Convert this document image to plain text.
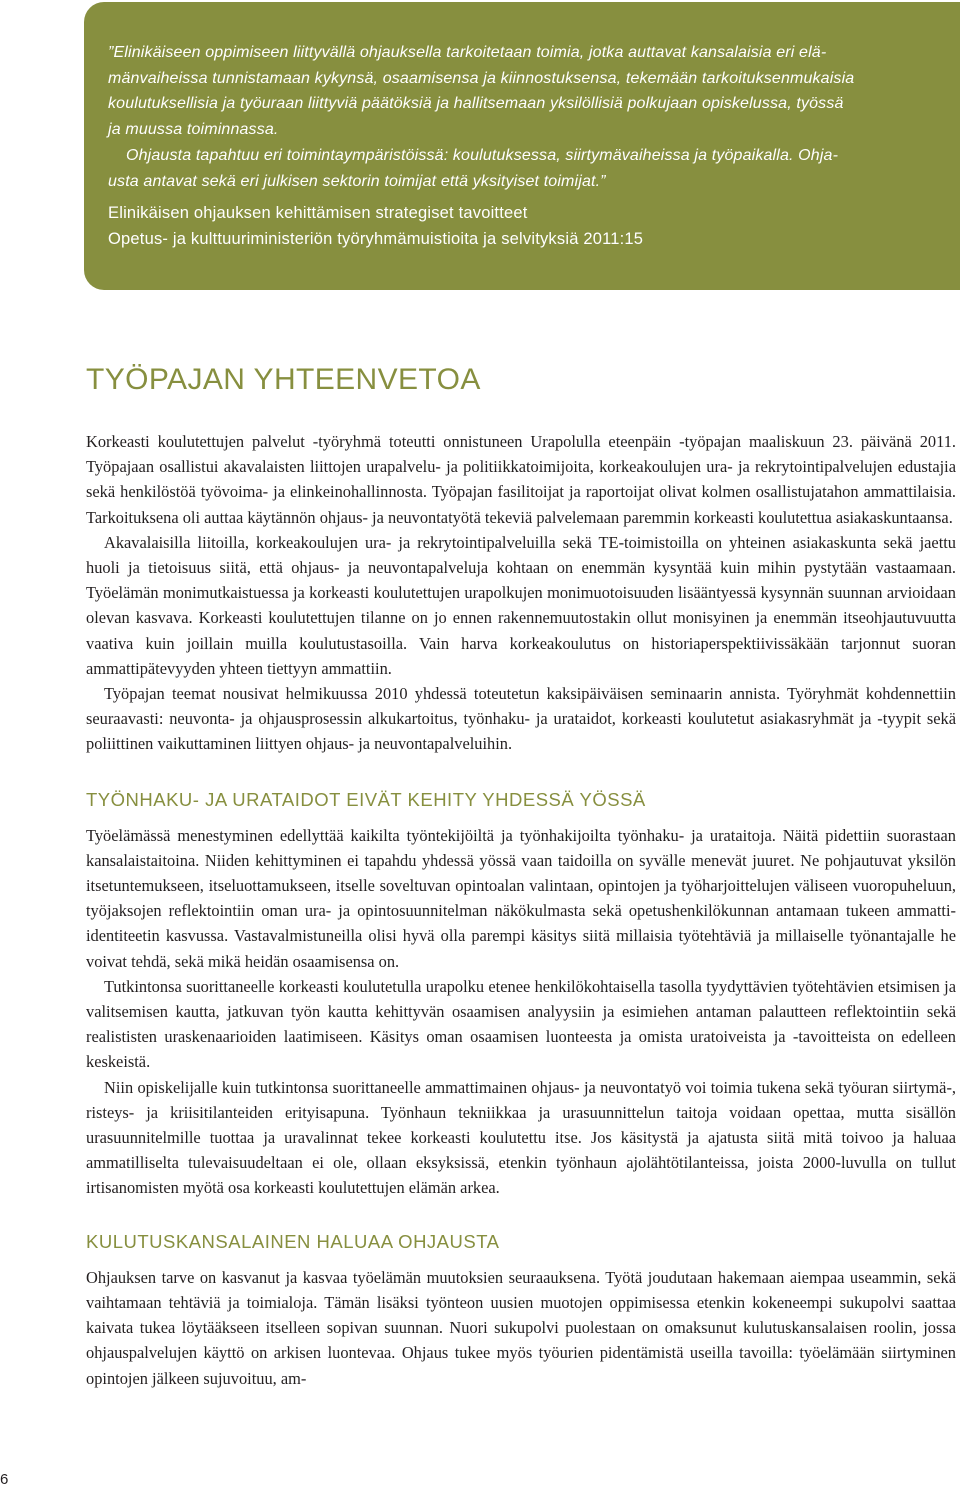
”Elinikäiseen oppimiseen liittyvällä ohjauksella tarkoitetaan toimia, jotka auttavat kansalaisia eri elä-
mänvaiheissa tunnistamaan kykynsä, osaamisensa ja kiinnostuksensa, tekemään tarkoituksenmukaisia
koulutuksellisia ja työuraan liittyviä päätöksiä ja hallitsemaan yksilöllisiä polkujaan opiskelussa, työssä
ja muussa toiminnassa.
Ohjausta tapahtuu eri toimintaympäristöissä: koulutuksessa, siirtymävaiheissa ja työpaikalla. Ohja-
usta antavat sekä eri julkisen sektorin toimijat että yksityiset toimijat.”

Elinikäisen ohjauksen kehittämisen strategiset tavoitteet

Opetus- ja kulttuuriministeriön työryhmämuistioita ja selvityksiä 2011:15

TYÖPAJAN YHTEENVETOA

Korkeasti koulutettujen palvelut -työryhmä toteutti onnistuneen Urapolulla eteenpäin -työpajan maaliskuun 23. päivänä 2011. Työpajaan osallistui akavalaisten liittojen urapalvelu- ja politiikkatoimijoita, korkeakoulujen ura- ja rekrytointipalvelujen edustajia sekä henkilöstöä työvoima- ja elinkeinohallinnosta. Työpajan fasilitoijat ja raportoijat olivat kolmen osallistujatahon ammattilaisia. Tarkoituksena oli auttaa käytännön ohjaus- ja neuvontatyötä tekeviä palvelemaan paremmin korkeasti koulutettua asiakaskuntaansa.

Akavalaisilla liitoilla, korkeakoulujen ura- ja rekrytointipalveluilla sekä TE-toimistoilla on yhteinen asiakaskunta sekä jaettu huoli ja tietoisuus siitä, että ohjaus- ja neuvontapalveluja kohtaan on enemmän kysyntää kuin mihin pystytään vastaamaan. Työelämän monimutkaistuessa ja korkeasti koulutettujen urapolkujen monimuotoisuuden lisääntyessä kysynnän suunnan arvioidaan olevan kasvava. Korkeasti koulutettujen tilanne on jo ennen rakennemuutostakin ollut monisyinen ja enemmän itseohjautuvuutta vaativa kuin joillain muilla koulutustasoilla. Vain harva korkeakoulutus on historiaperspektiivissäkään tarjonnut suoran ammattipätevyyden yhteen tiettyyn ammattiin.

Työpajan teemat nousivat helmikuussa 2010 yhdessä toteutetun kaksipäiväisen seminaarin annista. Työryhmät kohdennettiin seuraavasti: neuvonta- ja ohjausprosessin alkukartoitus, työnhaku- ja urataidot, korkeasti koulutetut asiakasryhmät ja -tyypit sekä poliittinen vaikuttaminen liittyen ohjaus- ja neuvontapalveluihin.

TYÖNHAKU- JA URATAIDOT EIVÄT KEHITY YHDESSÄ YÖSSÄ

Työelämässä menestyminen edellyttää kaikilta työntekijöiltä ja työnhakijoilta työnhaku- ja urataitoja. Näitä pidettiin suorastaan kansalaistaitoina. Niiden kehittyminen ei tapahdu yhdessä yössä vaan taidoilla on syvälle menevät juuret. Ne pohjautuvat yksilön itsetuntemukseen, itseluottamukseen, itselle soveltuvan opintoalan valintaan, opintojen ja työharjoittelujen väliseen vuoropuheluun, työjaksojen reflektointiin oman ura- ja opintosuunnitelman näkökulmasta sekä opetushenkilökunnan antamaan tukeen ammatti-identiteetin kasvussa. Vastavalmistuneilla olisi hyvä olla parempi käsitys siitä millaisia työtehtäviä ja millaiselle työnantajalle he voivat tehdä, sekä mikä heidän osaamisensa on.

Tutkintonsa suorittaneelle korkeasti koulutetulla urapolku etenee henkilökohtaisella tasolla tyydyttävien työtehtävien etsimisen ja valitsemisen kautta, jatkuvan työn kautta kehittyvän osaamisen analyysiin ja esimiehen antaman palautteen reflektointiin sekä realististen uraskenaarioiden laatimiseen. Käsitys oman osaamisen luonteesta ja omista uratoiveista ja -tavoitteista on edelleen keskeistä.

Niin opiskelijalle kuin tutkintonsa suorittaneelle ammattimainen ohjaus- ja neuvontatyö voi toimia tukena sekä työuran siirtymä-, risteys- ja kriisitilanteiden erityisapuna. Työnhaun tekniikkaa ja urasuunnittelun taitoja voidaan opettaa, mutta sisällön urasuunnitelmille tuottaa ja uravalinnat tekee korkeasti koulutettu itse. Jos käsitystä ja ajatusta siitä mitä toivoo ja haluaa ammatilliselta tulevaisuudeltaan ei ole, ollaan eksyksissä, etenkin työnhaun ajolähtötilanteissa, joista 2000-luvulla on tullut irtisanomisten myötä osa korkeasti koulutettujen elämän arkea.

KULUTUSKANSALAINEN HALUAA OHJAUSTA

Ohjauksen tarve on kasvanut ja kasvaa työelämän muutoksien seuraauksena. Työtä joudutaan hakemaan aiempaa useammin, sekä vaihtamaan tehtäviä ja toimialoja. Tämän lisäksi työnteon uusien muotojen oppimisessa etenkin kokeneempi sukupolvi saattaa kaivata tukea löytääkseen itselleen sopivan suunnan. Nuori sukupolvi puolestaan on omaksunut kulutuskansalaisen roolin, jossa ohjauspalvelujen käyttö on arkisen luontevaa. Ohjaus tukee myös työurien pidentämistä useilla tavoilla: työelämään siirtyminen opintojen jälkeen sujuvoituu, am-

6
